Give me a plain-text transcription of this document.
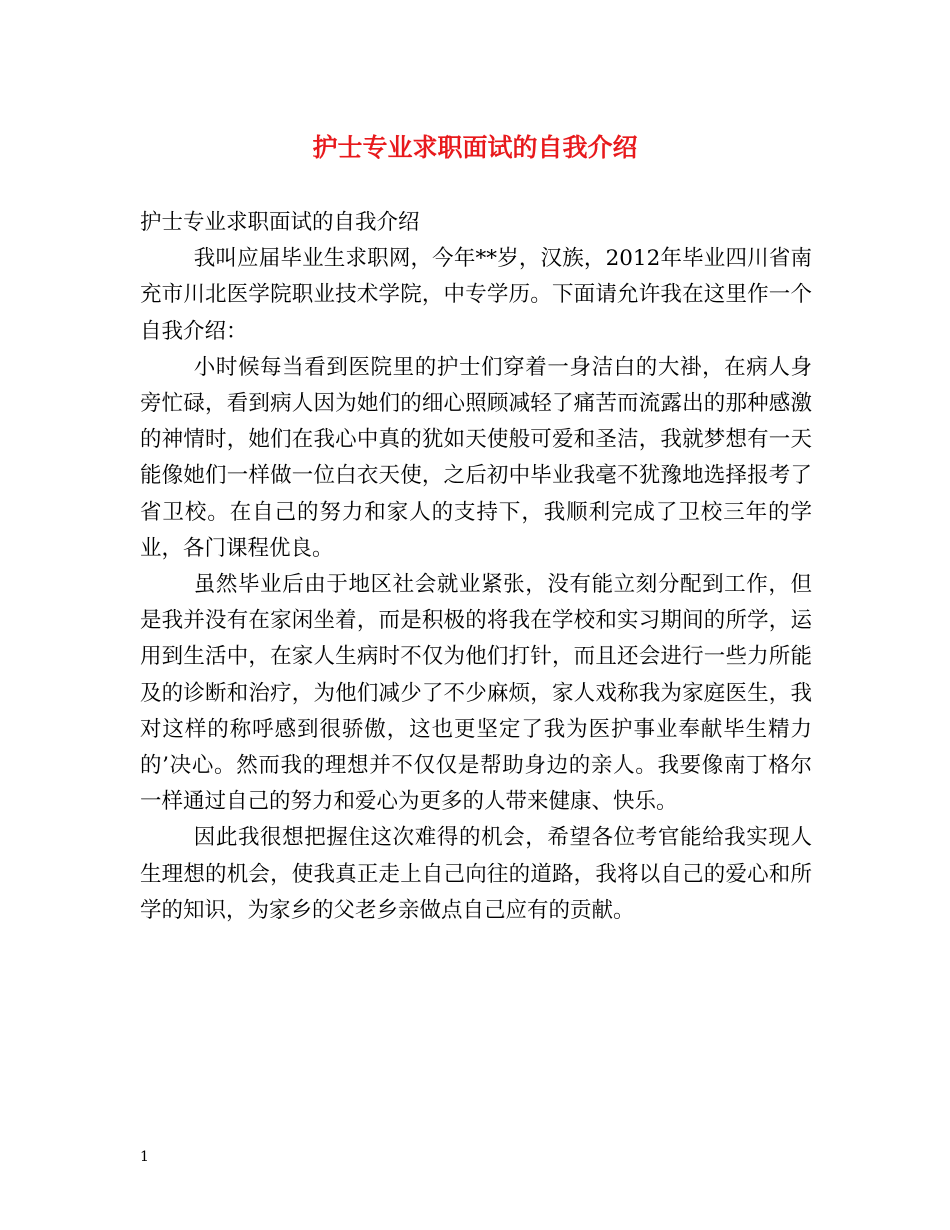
护士专业求职面试的自我介绍

护士专业求职面试的自我介绍

我叫应届毕业生求职网，今年**岁，汉族，2012年毕业四川省南充市川北医学院职业技术学院，中专学历。下面请允许我在这里作一个自我介绍：

小时候每当看到医院里的护士们穿着一身洁白的大褂，在病人身旁忙碌，看到病人因为她们的细心照顾减轻了痛苦而流露出的那种感激的神情时，她们在我心中真的犹如天使般可爱和圣洁，我就梦想有一天能像她们一样做一位白衣天使，之后初中毕业我毫不犹豫地选择报考了省卫校。在自己的努力和家人的支持下，我顺利完成了卫校三年的学业，各门课程优良。

虽然毕业后由于地区社会就业紧张，没有能立刻分配到工作，但是我并没有在家闲坐着，而是积极的将我在学校和实习期间的所学，运用到生活中，在家人生病时不仅为他们打针，而且还会进行一些力所能及的诊断和治疗，为他们减少了不少麻烦，家人戏称我为家庭医生，我对这样的称呼感到很骄傲，这也更坚定了我为医护事业奉献毕生精力的’决心。然而我的理想并不仅仅是帮助身边的亲人。我要像南丁格尔一样通过自己的努力和爱心为更多的人带来健康、快乐。

因此我很想把握住这次难得的机会，希望各位考官能给我实现人生理想的机会，使我真正走上自己向往的道路，我将以自己的爱心和所学的知识，为家乡的父老乡亲做点自己应有的贡献。

1
